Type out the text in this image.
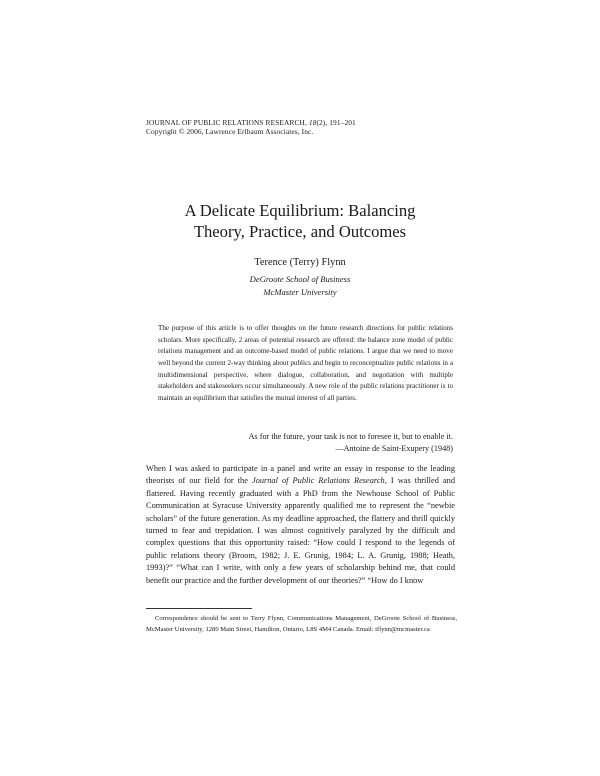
JOURNAL OF PUBLIC RELATIONS RESEARCH, 18(2), 191–201
Copyright © 2006, Lawrence Erlbaum Associates, Inc.
A Delicate Equilibrium: Balancing
Theory, Practice, and Outcomes
Terence (Terry) Flynn
DeGroote School of Business
McMaster University
The purpose of this article is to offer thoughts on the future research directions for public relations scholars. More specifically, 2 areas of potential research are offered: the balance zone model of public relations management and an outcome-based model of public relations. I argue that we need to move well beyond the current 2-way thinking about publics and begin to reconceptualize public relations in a multidimensional perspective, where dialogue, collaboration, and negotiation with multiple stakeholders and stakeseekers occur simultaneously. A new role of the public relations practitioner is to maintain an equilibrium that satisfies the mutual interest of all parties.
As for the future, your task is not to foresee it, but to enable it.
—Antoine de Saint-Exupery (1948)
When I was asked to participate in a panel and write an essay in response to the leading theorists of our field for the Journal of Public Relations Research, I was thrilled and flattered. Having recently graduated with a PhD from the Newhouse School of Public Communication at Syracuse University apparently qualified me to represent the “newbie scholars” of the future generation. As my deadline approached, the flattery and thrill quickly turned to fear and trepidation. I was almost cognitively paralyzed by the difficult and complex questions that this opportunity raised: “How could I respond to the legends of public relations theory (Broom, 1982; J. E. Grunig, 1984; L. A. Grunig, 1988; Heath, 1993)?” “What can I write, with only a few years of scholarship behind me, that could benefit our practice and the further development of our theories?” “How do I know
Correspondence should be sent to Terry Flynn, Communications Management, DeGroote School of Business, McMaster University, 1280 Main Street, Hamilton, Ontario, L8S 4M4 Canada. Email: tflynn@mcmaster.ca
